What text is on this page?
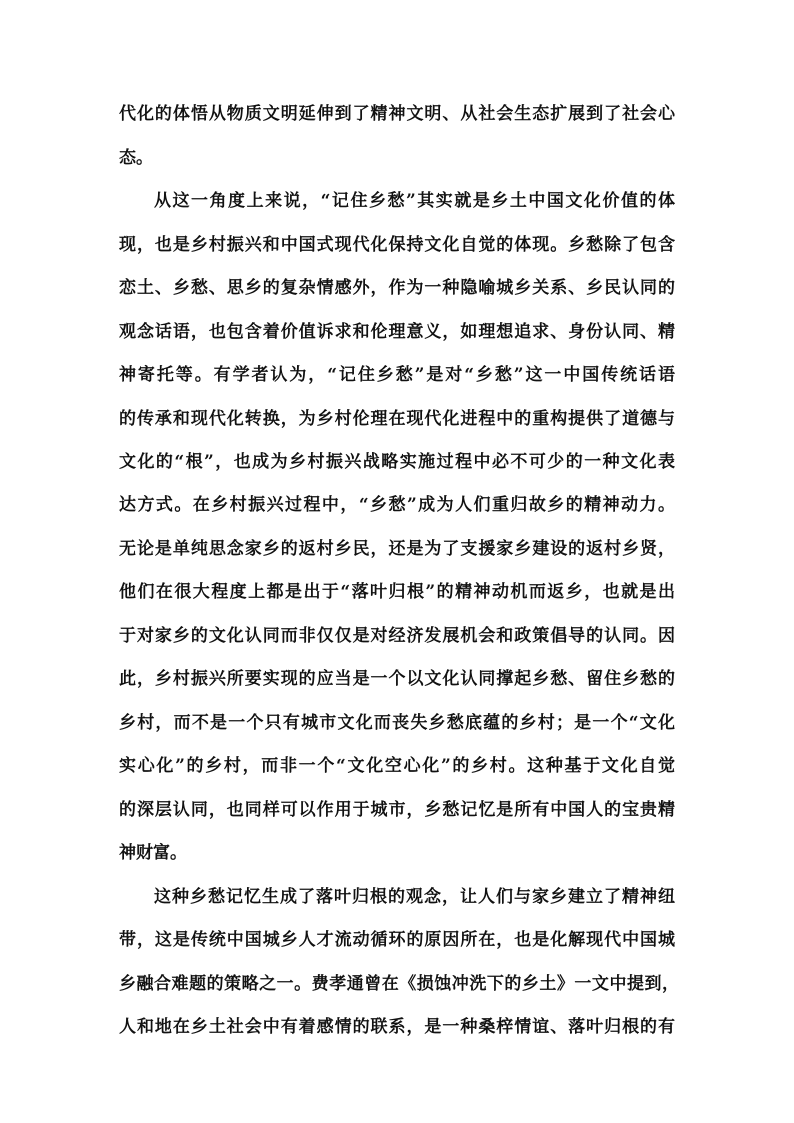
代化的体悟从物质文明延伸到了精神文明、从社会生态扩展到了社会心
态。
从这一角度上来说，“记住乡愁”其实就是乡土中国文化价值的体
现，也是乡村振兴和中国式现代化保持文化自觉的体现。乡愁除了包含
恋土、乡愁、思乡的复杂情感外，作为一种隐喻城乡关系、乡民认同的
观念话语，也包含着价值诉求和伦理意义，如理想追求、身份认同、精
神寄托等。有学者认为，“记住乡愁”是对“乡愁”这一中国传统话语
的传承和现代化转换，为乡村伦理在现代化进程中的重构提供了道德与
文化的“根”，也成为乡村振兴战略实施过程中必不可少的一种文化表
达方式。在乡村振兴过程中，“乡愁”成为人们重归故乡的精神动力。
无论是单纯思念家乡的返村乡民，还是为了支援家乡建设的返村乡贤，
他们在很大程度上都是出于“落叶归根”的精神动机而返乡，也就是出
于对家乡的文化认同而非仅仅是对经济发展机会和政策倡导的认同。因
此，乡村振兴所要实现的应当是一个以文化认同撑起乡愁、留住乡愁的
乡村，而不是一个只有城市文化而丧失乡愁底蕴的乡村；是一个“文化
实心化”的乡村，而非一个“文化空心化”的乡村。这种基于文化自觉
的深层认同，也同样可以作用于城市，乡愁记忆是所有中国人的宝贵精
神财富。
这种乡愁记忆生成了落叶归根的观念，让人们与家乡建立了精神纽
带，这是传统中国城乡人才流动循环的原因所在，也是化解现代中国城
乡融合难题的策略之一。费孝通曾在《损蚀冲洗下的乡土》一文中提到，
人和地在乡土社会中有着感情的联系，是一种桑梓情谊、落叶归根的有
